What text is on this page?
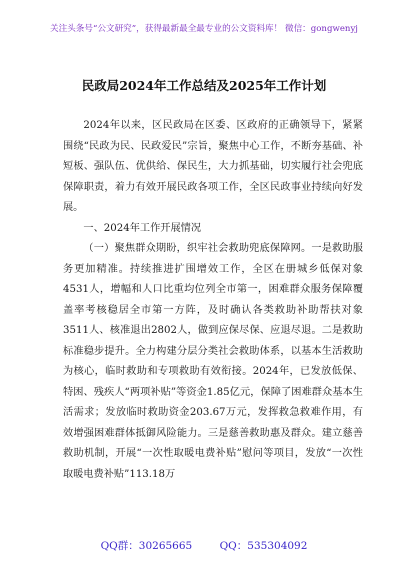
关注头条号“公文研究”，获得最新最全最专业的公文资料库！ 微信：gongwenyj
民政局2024年工作总结及2025年工作计划

2024年以来，区民政局在区委、区政府的正确领导下，紧紧围绕“民政为民、民政爱民”宗旨，聚焦中心工作，不断夯基础、补短板、强队伍、优供给、保民生，大力抓基础，切实履行社会兜底保障职责，着力有效开展民政各项工作，全区民政事业持续向好发展。

一、2024年工作开展情况

（一）聚焦群众期盼，织牢社会救助兜底保障网。一是救助服务更加精准。持续推进扩围增效工作，全区在册城乡低保对象4531人，增幅和人口比重均位列全市第一，困难群众服务保障覆盖率考核稳居全市第一方阵，及时确认各类救助补助帮扶对象3511人、核准退出2802人，做到应保尽保、应退尽退。二是救助标准稳步提升。全力构建分层分类社会救助体系，以基本生活救助为核心，临时救助和专项救助有效衔接。2024年，已发放低保、特困、残疾人“两项补贴”等资金1.85亿元，保障了困难群众基本生活需求；发放临时救助资金203.67万元，发挥救急救难作用，有效增强困难群体抵御风险能力。三是慈善救助惠及群众。建立慈善救助机制，开展“一次性取暖电费补贴”慰问等项目，发放“一次性取暖电费补贴”113.18万

QQ群：30265665	QQ：535304092
